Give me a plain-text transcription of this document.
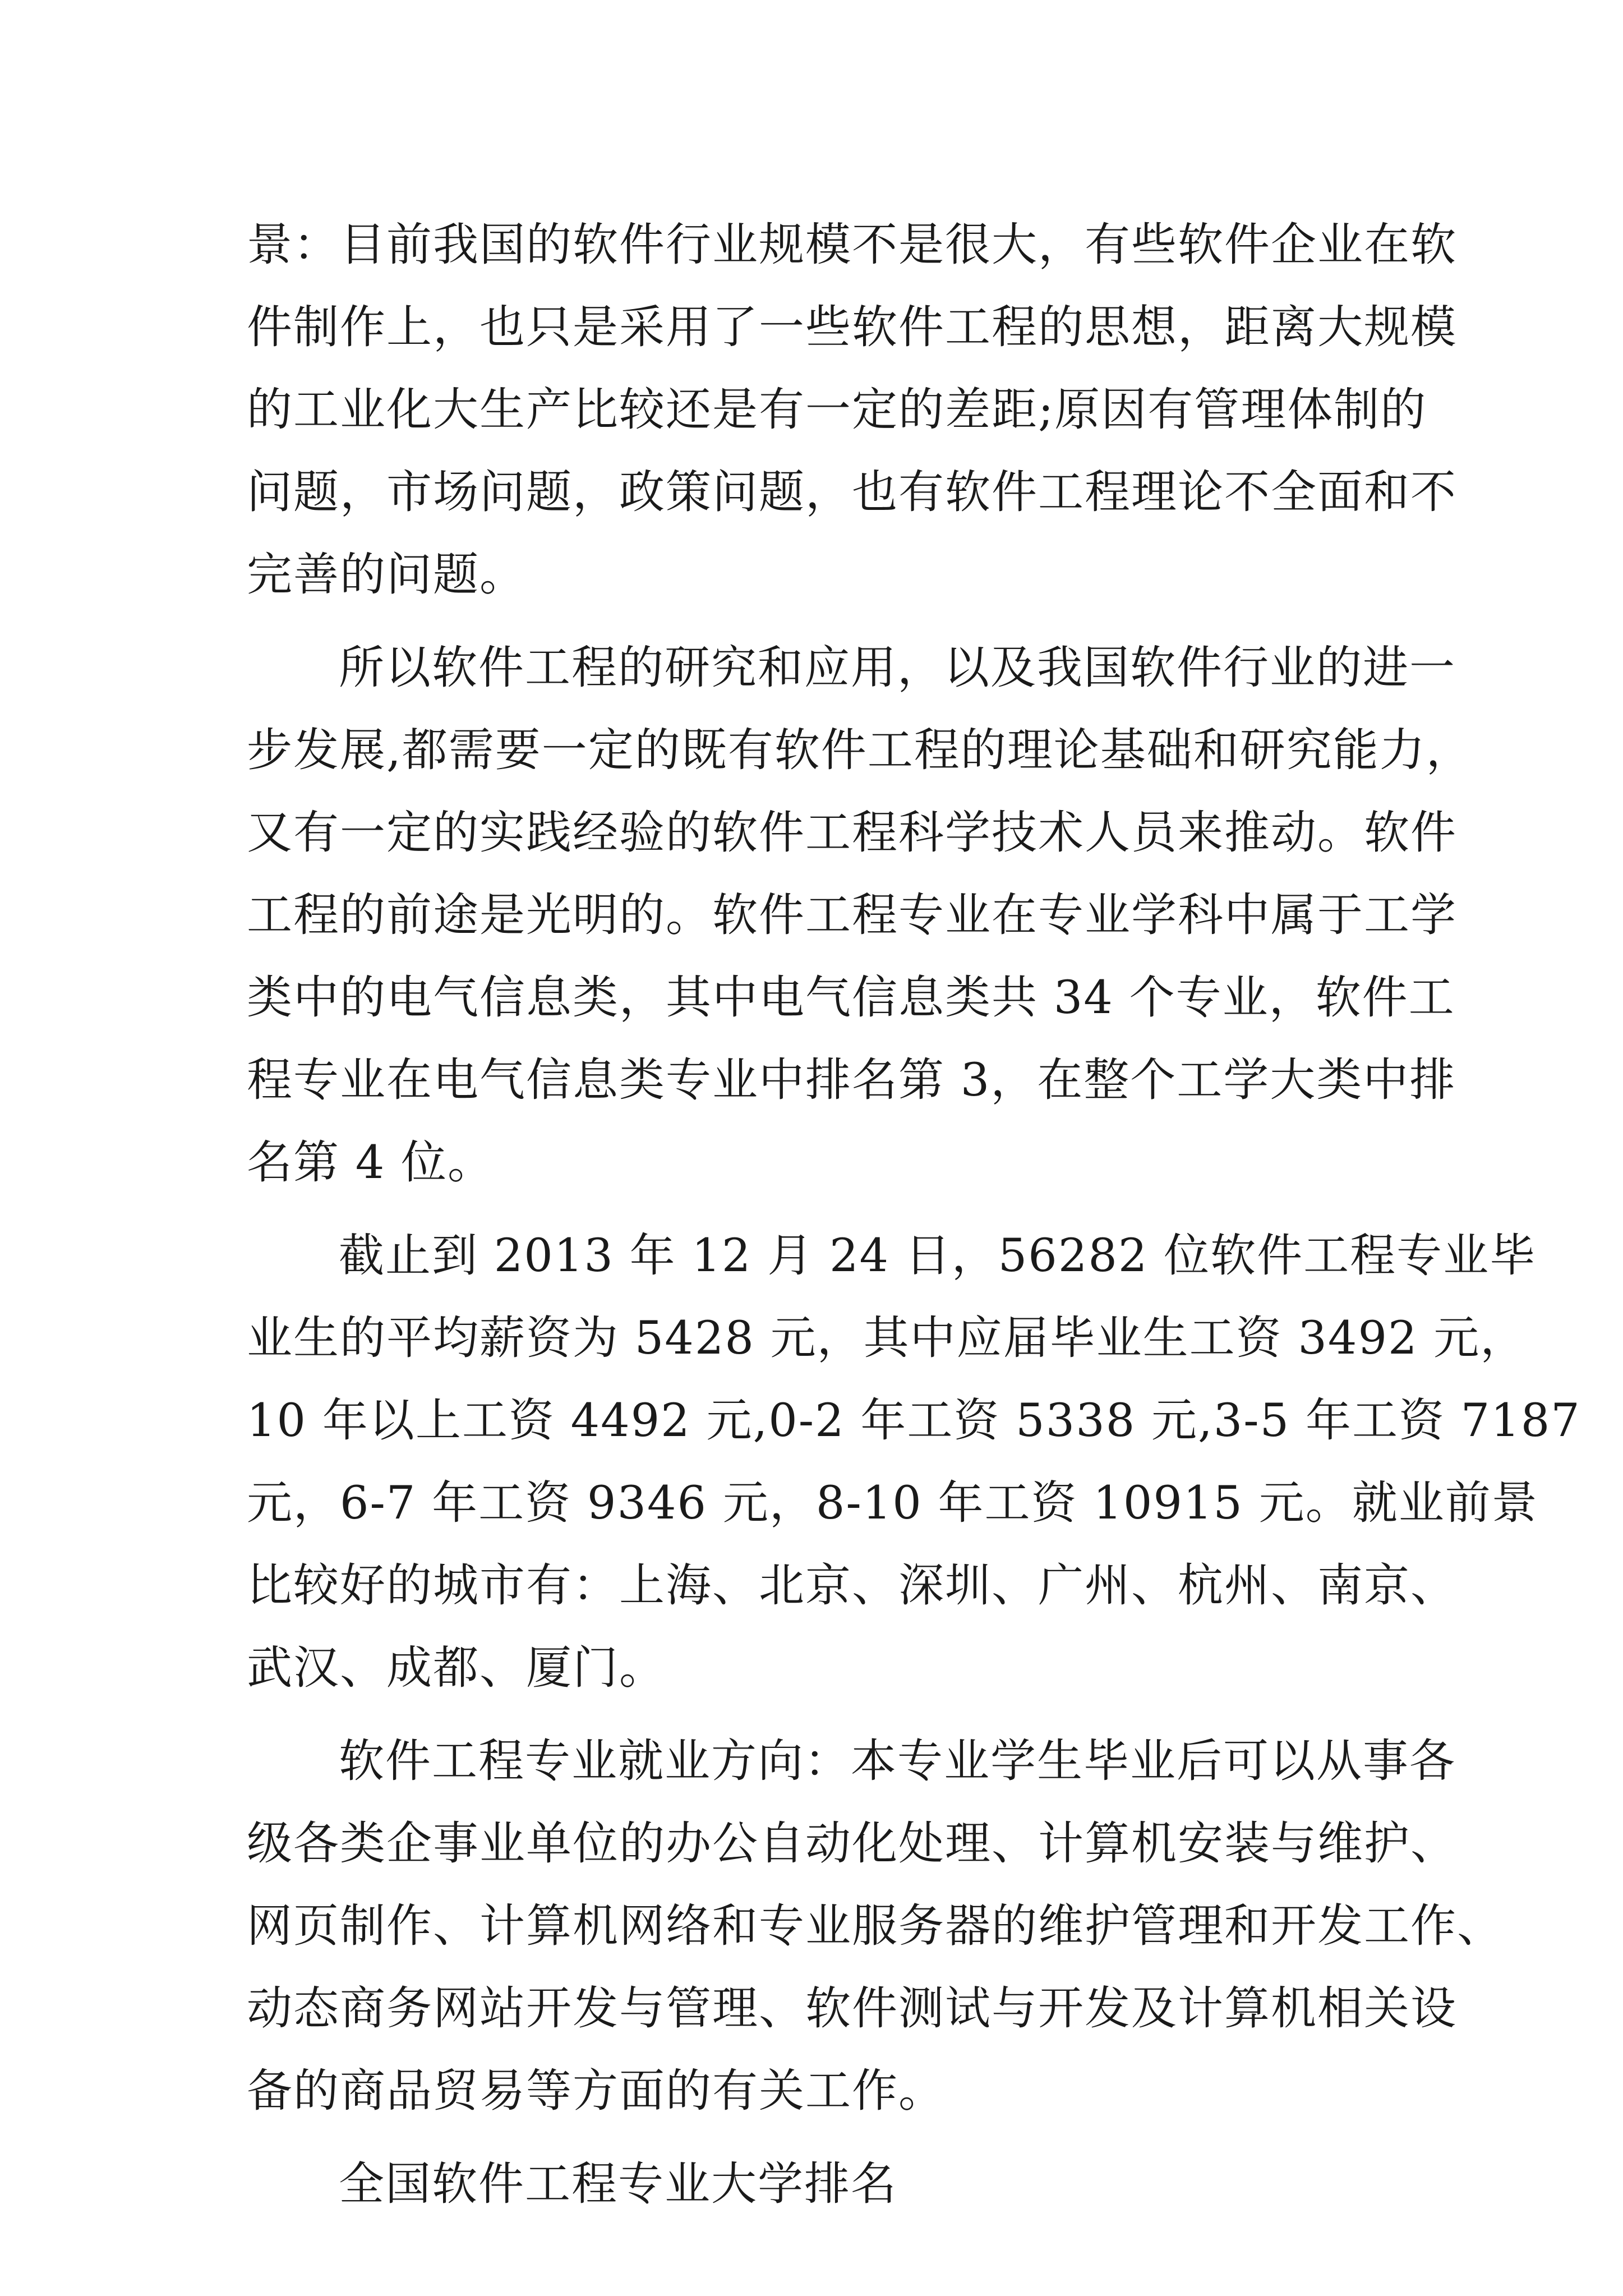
景：目前我国的软件行业规模不是很大，有些软件企业在软
件制作上，也只是采用了一些软件工程的思想，距离大规模
的工业化大生产比较还是有一定的差距;原因有管理体制的
问题，市场问题，政策问题，也有软件工程理论不全面和不
完善的问题。
所以软件工程的研究和应用，以及我国软件行业的进一
步发展,都需要一定的既有软件工程的理论基础和研究能力，
又有一定的实践经验的软件工程科学技术人员来推动。软件
工程的前途是光明的。软件工程专业在专业学科中属于工学
类中的电气信息类，其中电气信息类共 34 个专业，软件工
程专业在电气信息类专业中排名第 3，在整个工学大类中排
名第 4 位。
截止到 2013 年 12 月 24 日，56282 位软件工程专业毕
业生的平均薪资为 5428 元，其中应届毕业生工资 3492 元，
10 年以上工资 4492 元,0-2 年工资 5338 元,3-5 年工资 7187
元，6-7 年工资 9346 元，8-10 年工资 10915 元。就业前景
比较好的城市有：上海、北京、深圳、广州、杭州、南京、
武汉、成都、厦门。
软件工程专业就业方向：本专业学生毕业后可以从事各
级各类企事业单位的办公自动化处理、计算机安装与维护、
网页制作、计算机网络和专业服务器的维护管理和开发工作、
动态商务网站开发与管理、软件测试与开发及计算机相关设
备的商品贸易等方面的有关工作。
全国软件工程专业大学排名
